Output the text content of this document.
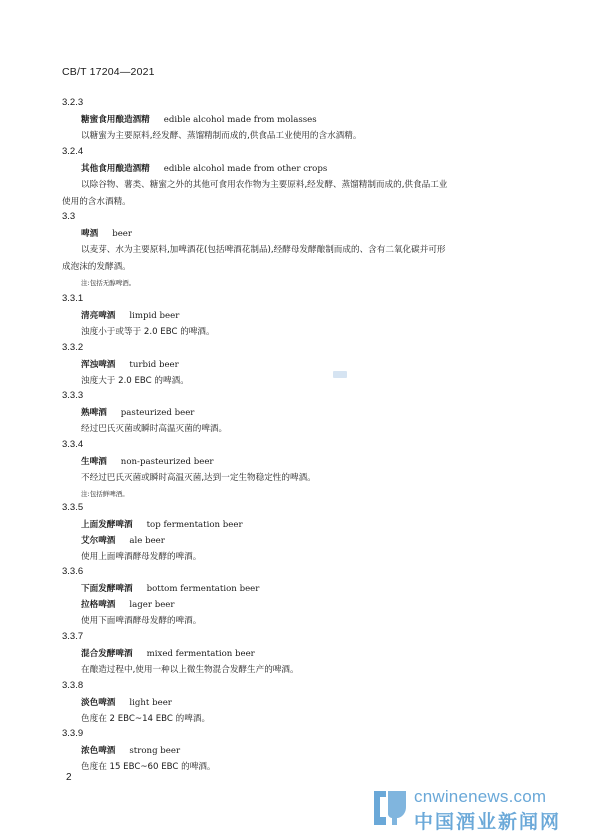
CB/T 17204—2021
3.2.3
糖蜜食用酿造酒精 edible alcohol made from molasses
以糖蜜为主要原料,经发酵、蒸馏精制而成的,供食品工业使用的含水酒精。
3.2.4
其他食用酿造酒精 edible alcohol made from other crops
以除谷物、薯类、糖蜜之外的其他可食用农作物为主要原料,经发酵、蒸馏精制而成的,供食品工业
使用的含水酒精。
3.3
啤酒 beer
以麦芽、水为主要原料,加啤酒花(包括啤酒花制品),经酵母发酵酿制而成的、含有二氧化碳并可形
成泡沫的发酵酒。
注:包括无醇啤酒。
3.3.1
清亮啤酒 limpid beer
浊度小于或等于 2.0 EBC 的啤酒。
3.3.2
浑浊啤酒 turbid beer
浊度大于 2.0 EBC 的啤酒。
3.3.3
熟啤酒 pasteurized beer
经过巴氏灭菌或瞬时高温灭菌的啤酒。
3.3.4
生啤酒 non-pasteurized beer
不经过巴氏灭菌或瞬时高温灭菌,达到一定生物稳定性的啤酒。
注:包括鲜啤酒。
3.3.5
上面发酵啤酒 top fermentation beer
艾尔啤酒 ale beer
使用上面啤酒酵母发酵的啤酒。
3.3.6
下面发酵啤酒 bottom fermentation beer
拉格啤酒 lager beer
使用下面啤酒酵母发酵的啤酒。
3.3.7
混合发酵啤酒 mixed fermentation beer
在酿造过程中,使用一种以上微生物混合发酵生产的啤酒。
3.3.8
淡色啤酒 light beer
色度在 2 EBC~14 EBC 的啤酒。
3.3.9
浓色啤酒 strong beer
色度在 15 EBC~60 EBC 的啤酒。
2
cnwinenews.com
中国酒业新闻网
